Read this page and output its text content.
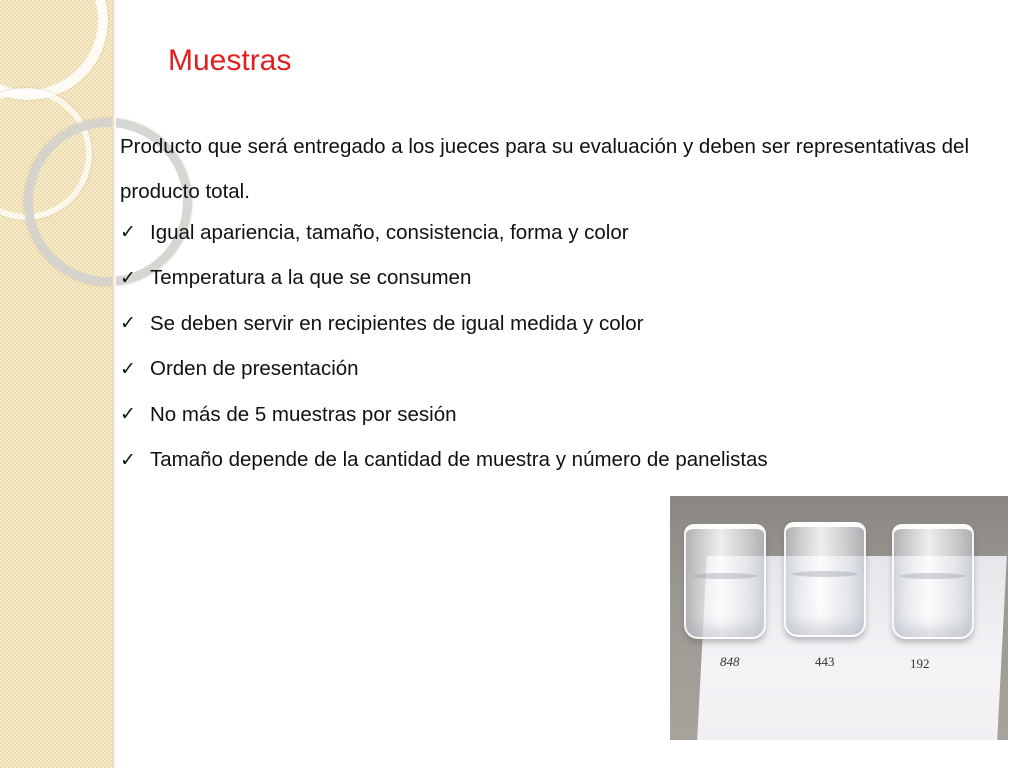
Muestras

Producto que será entregado a los jueces para su evaluación y deben ser representativas del producto total.

✓ Igual apariencia, tamaño, consistencia, forma y color
✓ Temperatura a la que se consumen
✓ Se deben servir en recipientes de igual medida y color
✓ Orden de presentación
✓ No más de 5 muestras por sesión
✓ Tamaño depende de la cantidad de muestra y número de panelistas
848	443	192
